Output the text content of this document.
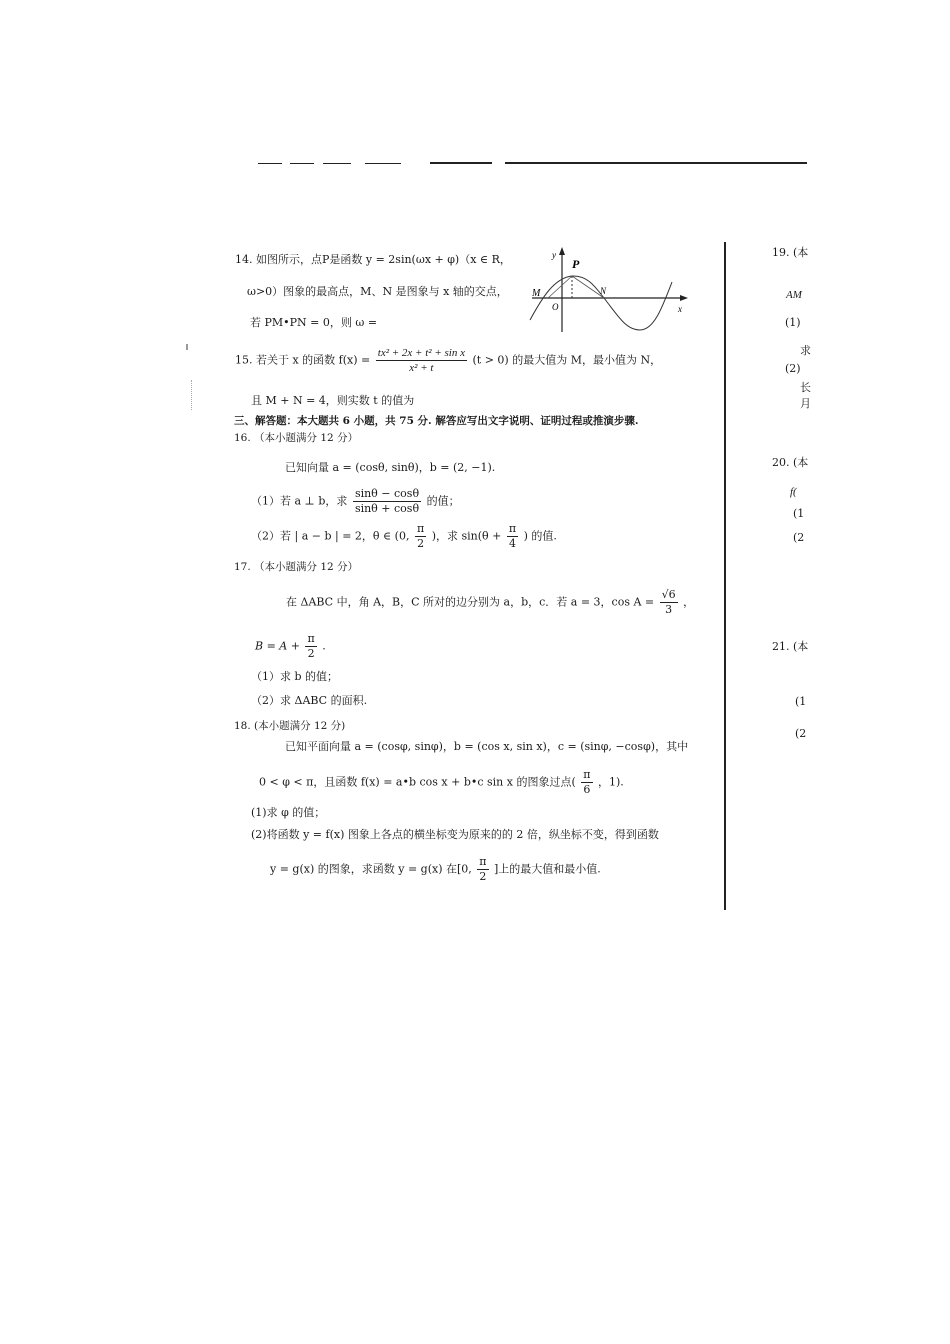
14. 如图所示，点P是函数 y = 2sin(ωx + φ)（x ∈ R，
ω>0）图象的最高点，M、N 是图象与 x 轴的交点，
若 PM•PN = 0，则 ω =
y
P
M	N
O	x
15. 若关于 x 的函数 $f(x) = \frac{\text{tx² + 2x + t² + sin x}}{\text{x² + t}} (t > 0)$ 的最大值为 M，最小值为 N，
且 M + N = 4，则实数 t 的值为
三、解答题：本大题共 6 小题，共 75 分. 解答应写出文字说明、证明过程或推演步骤.
16. （本小题满分 12 分）
已知向量 a = (cosθ, sinθ)，b = (2, −1).
（1）若 a ⊥ b，求 $\frac{\sin\theta - \cos\theta}{\sin\theta + \cos\theta}$ 的值；
（2）若 | a − b | = 2，θ ∈ (0, $\frac{\pi}{2}$ )，求 $\sin(\theta + \frac{\pi}{4}$ ) 的值.
17. （本小题满分 12 分）
在 ΔABC 中，角 A，B，C 所对的边分别为 a，b，c．若 a = 3，$\cos A = \frac{√6}{3}$ ，
$B = A + \frac{\pi}{2}$ .
（1）求 b 的值；
（2）求 ΔABC 的面积.
18. (本小题满分 12 分)
已知平面向量 a = (cosφ, sinφ)，b = (cos x, sin x)，c = (sinφ, −cosφ)，其中
0 < φ < π，且函数 f(x) = a•b cos x + b•c sin x 的图象过点( $\frac{\pi}{6}$ ，1).
(1)求 φ 的值；
(2)将函数 y = f(x) 图象上各点的横坐标变为原来的的 2 倍，纵坐标不变，得到函数
y = g(x) 的图象，求函数 y = g(x) 在[0, $\frac{\pi}{2}$ ]上的最大值和最小值.
19. (本
AM
(1)
求
(2)
长
月
20. (本
f(
(1
(2
21. (本
(1
(2
